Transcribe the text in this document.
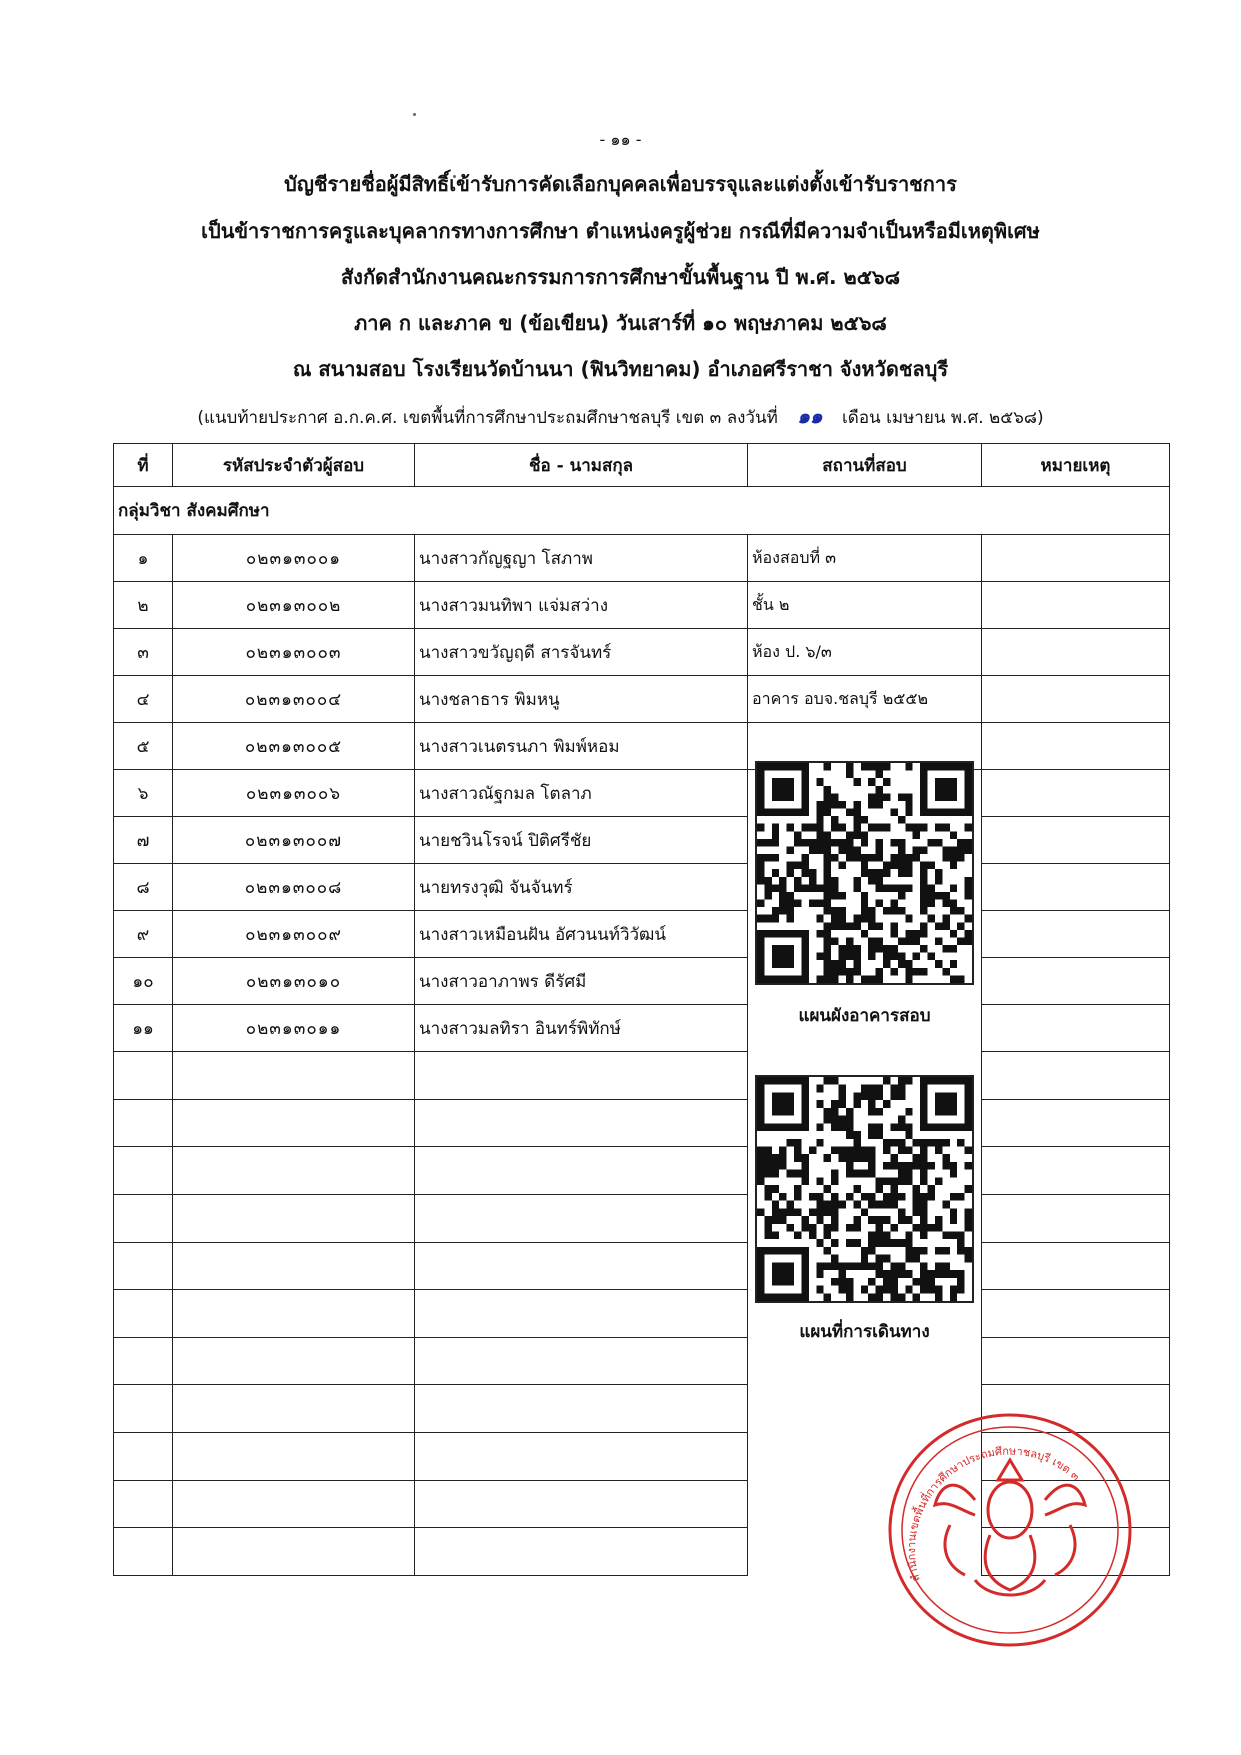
- ๑๑ -
บัญชีรายชื่อผู้มีสิทธิ์เข้ารับการคัดเลือกบุคคลเพื่อบรรจุและแต่งตั้งเข้ารับราชการ
เป็นข้าราชการครูและบุคลากรทางการศึกษา ตำแหน่งครูผู้ช่วย กรณีที่มีความจำเป็นหรือมีเหตุพิเศษ
สังกัดสำนักงานคณะกรรมการการศึกษาขั้นพื้นฐาน ปี พ.ศ. ๒๕๖๘
ภาค ก และภาค ข (ข้อเขียน) วันเสาร์ที่ ๑๐ พฤษภาคม ๒๕๖๘
ณ สนามสอบ โรงเรียนวัดบ้านนา (ฟินวิทยาคม) อำเภอศรีราชา จังหวัดชลบุรี
(แนบท้ายประกาศ อ.ก.ค.ศ. เขตพื้นที่การศึกษาประถมศึกษาชลบุรี เขต ๓ ลงวันที่ ๑๑ เดือน เมษายน พ.ศ. ๒๕๖๘)
ที่	รหัสประจำตัวผู้สอบ	ชื่อ - นามสกุล	สถานที่สอบ	หมายเหตุ
กลุ่มวิชา สังคมศึกษา				
๑	๐๒๓๑๓๐๐๑	นางสาวกัญฐญา โสภาพ	ห้องสอบที่ ๓	
๒	๐๒๓๑๓๐๐๒	นางสาวมนทิพา แจ่มสว่าง	ชั้น ๒	
๓	๐๒๓๑๓๐๐๓	นางสาวขวัญฤดี สารจันทร์	ห้อง ป. ๖/๓	
๔	๐๒๓๑๓๐๐๔	นางชลาธาร พิมหนู	อาคาร อบจ.ชลบุรี ๒๕๕๒	
๕	๐๒๓๑๓๐๐๕	นางสาวเนตรนภา พิมพ์หอม		
๖	๐๒๓๑๓๐๐๖	นางสาวณัฐกมล โตลาภ		
๗	๐๒๓๑๓๐๐๗	นายชวินโรจน์ ปิติศรีชัย		
๘	๐๒๓๑๓๐๐๘	นายทรงวุฒิ จันจันทร์		
๙	๐๒๓๑๓๐๐๙	นางสาวเหมือนฝัน อัศวนนท์วิวัฒน์		
๑๐	๐๒๓๑๓๐๑๐	นางสาวอาภาพร ดีรัศมี		
๑๑	๐๒๓๑๓๐๑๑	นางสาวมลทิรา อินทร์พิทักษ์		

แผนผังอาคารสอบ
แผนที่การเดินทาง
สำนักงานเขตพื้นที่การศึกษาประถมศึกษาชลบุรี เขต ๓
